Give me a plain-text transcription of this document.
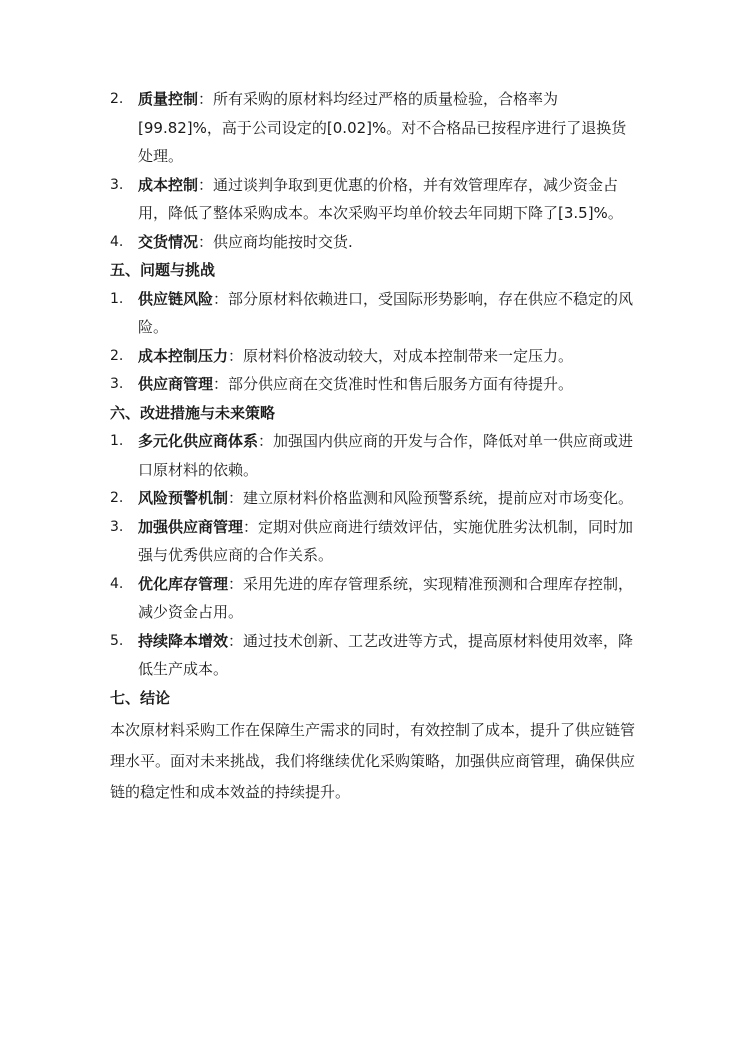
2. 质量控制：所有采购的原材料均经过严格的质量检验，合格率为[99.82]%，高于公司设定的[0.02]%。对不合格品已按程序进行了退换货处理。
3. 成本控制：通过谈判争取到更优惠的价格，并有效管理库存，减少资金占用，降低了整体采购成本。本次采购平均单价较去年同期下降了[3.5]%。
4. 交货情况：供应商均能按时交货.
五、问题与挑战
1. 供应链风险：部分原材料依赖进口，受国际形势影响，存在供应不稳定的风险。
2. 成本控制压力：原材料价格波动较大，对成本控制带来一定压力。
3. 供应商管理：部分供应商在交货准时性和售后服务方面有待提升。
六、改进措施与未来策略
1. 多元化供应商体系：加强国内供应商的开发与合作，降低对单一供应商或进口原材料的依赖。
2. 风险预警机制：建立原材料价格监测和风险预警系统，提前应对市场变化。
3. 加强供应商管理：定期对供应商进行绩效评估，实施优胜劣汰机制，同时加强与优秀供应商的合作关系。
4. 优化库存管理：采用先进的库存管理系统，实现精准预测和合理库存控制，减少资金占用。
5. 持续降本增效：通过技术创新、工艺改进等方式，提高原材料使用效率，降低生产成本。
七、结论

本次原材料采购工作在保障生产需求的同时，有效控制了成本，提升了供应链管理水平。面对未来挑战，我们将继续优化采购策略，加强供应商管理，确保供应链的稳定性和成本效益的持续提升。
